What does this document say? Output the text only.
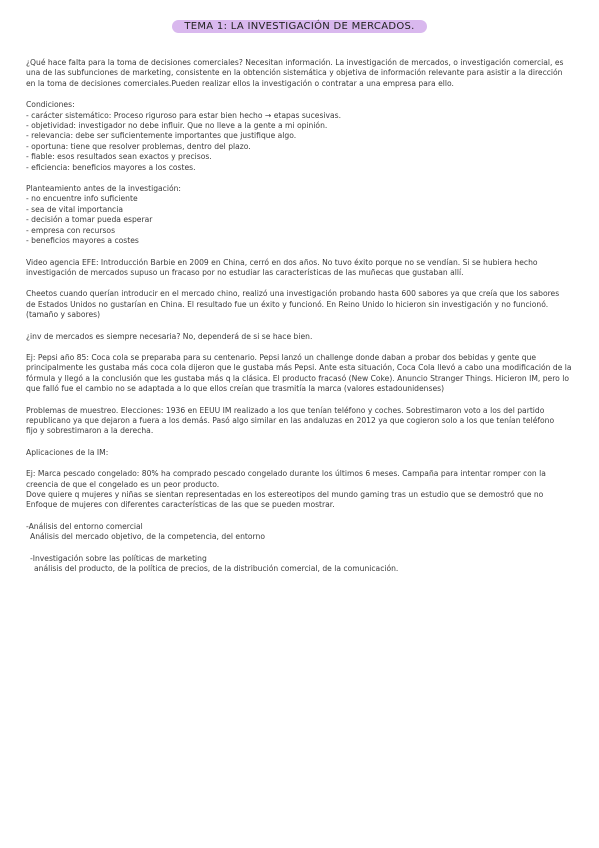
TEMA 1: LA INVESTIGACIÓN DE MERCADOS.
¿Qué hace falta para la toma de decisiones comerciales? Necesitan información. La investigación de mercados, o investigación comercial, es
una de las subfunciones de marketing, consistente en la obtención sistemática y objetiva de información relevante para asistir a la dirección
en la toma de decisiones comerciales.Pueden realizar ellos la investigación o contratar a una empresa para ello.
Condiciones:
- carácter sistemático: Proceso riguroso para estar bien hecho → etapas sucesivas.
- objetividad: investigador no debe influir. Que no lleve a la gente a mi opinión.
- relevancia: debe ser suficientemente importantes que justifique algo.
- oportuna: tiene que resolver problemas, dentro del plazo.
- fiable: esos resultados sean exactos y precisos.
- eficiencia: beneficios mayores a los costes.
Planteamiento antes de la investigación:
- no encuentre info suficiente
- sea de vital importancia
- decisión a tomar pueda esperar
- empresa con recursos
- beneficios mayores a costes
Video agencia EFE: Introducción Barbie en 2009 en China, cerró en dos años. No tuvo éxito porque no se vendían. Si se hubiera hecho
investigación de mercados supuso un fracaso por no estudiar las características de las muñecas que gustaban allí.
Cheetos cuando querían introducir en el mercado chino, realizó una investigación probando hasta 600 sabores ya que creía que los sabores
de Estados Unidos no gustarían en China. El resultado fue un éxito y funcionó. En Reino Unido lo hicieron sin investigación y no funcionó.
(tamaño y sabores)
¿inv de mercados es siempre necesaria? No, dependerá de si se hace bien.
Ej: Pepsi año 85: Coca cola se preparaba para su centenario. Pepsi lanzó un challenge donde daban a probar dos bebidas y gente que
principalmente les gustaba más coca cola dijeron que le gustaba más Pepsi. Ante esta situación, Coca Cola llevó a cabo una modificación de la
fórmula y llegó a la conclusión que les gustaba más q la clásica. El producto fracasó (New Coke). Anuncio Stranger Things. Hicieron IM, pero lo
que falló fue el cambio no se adaptada a lo que ellos creían que trasmitía la marca (valores estadounidenses)
Problemas de muestreo. Elecciones: 1936 en EEUU IM realizado a los que tenían teléfono y coches. Sobrestimaron voto a los del partido
republicano ya que dejaron a fuera a los demás. Pasó algo similar en las andaluzas en 2012 ya que cogieron solo a los que tenían teléfono
fijo y sobrestimaron a la derecha.
Aplicaciones de la IM:
Ej: Marca pescado congelado: 80% ha comprado pescado congelado durante los últimos 6 meses. Campaña para intentar romper con la
creencia de que el congelado es un peor producto.
Dove quiere q mujeres y niñas se sientan representadas en los estereotipos del mundo gaming tras un estudio que se demostró que no
Enfoque de mujeres con diferentes características de las que se pueden mostrar.
-Análisis del entorno comercial
Análisis del mercado objetivo, de la competencia, del entorno
-Investigación sobre las políticas de marketing
análisis del producto, de la política de precios, de la distribución comercial, de la comunicación.
